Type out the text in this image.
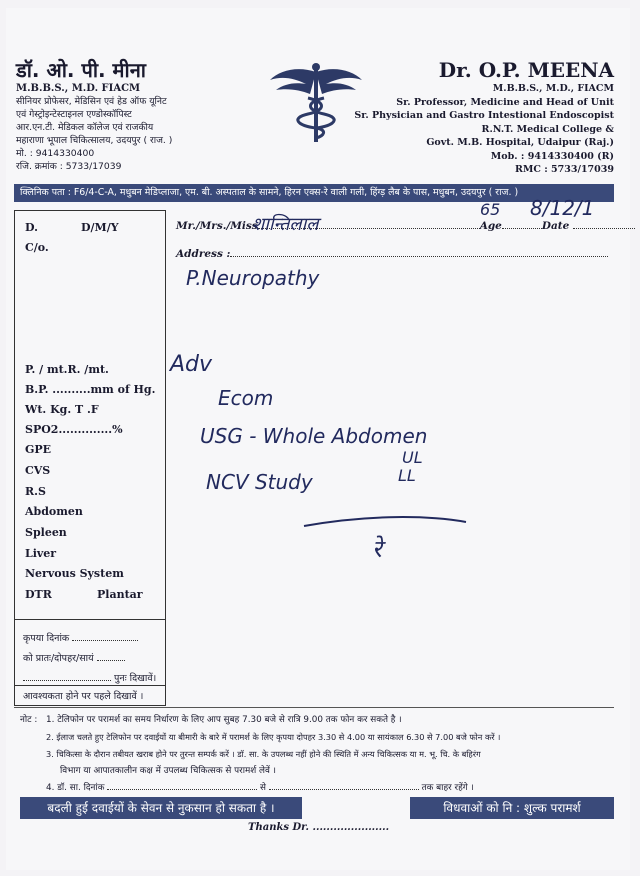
डॉ. ओ. पी. मीना
M.B.B.S., M.D. FIACM
सीनियर प्रोफेसर, मेडिसिन एवं हेड ऑफ यूनिट
एवं गेस्ट्रोइन्टेस्टाइनल एण्डोस्कॉपिस्ट
आर.एन.टी. मेडिकल कॉलेज एवं राजकीय
महाराणा भूपाल चिकित्सालय, उदयपुर ( राज. )
मो. : 9414330400
रजि. क्रमांक : 5733/17039
Dr. O.P. MEENA
M.B.B.S., M.D., FIACM
Sr. Professor, Medicine and Head of Unit
Sr. Physician and Gastro Intestional Endoscopist
R.N.T. Medical College &
Govt. M.B. Hospital, Udaipur (Raj.)
Mob. : 9414330400 (R)
RMC : 5733/17039
क्लिनिक पता : F6/4-C-A, मधुबन मेडिप्लाजा, एम. बी. अस्पताल के सामने, हिरन एक्स-रे वाली गली, हिंग्ड़ लैब के पास, मधुबन, उदयपुर ( राज. )
D.	D/M/Y
C/o.
P. / mt.R. /mt.
B.P. ..........mm of Hg.
Wt. Kg. T .F
SPO2..............%
GPE
CVS
R.S
Abdomen
Spleen
Liver
Nervous System
DTR	Plantar
कृपया दिनांक
को प्रातः/दोपहर/सायं
पुनः दिखावें।
आवश्यकता होने पर पहले दिखावें ।
Mr./Mrs./Miss	Age	Date
Address :
शान्तिलाल
65 8/12/1
P.Neuropathy
Adv
Ecom
USG - Whole Abdomen
NCV Study
UL
LL
रे
नोट : 1. टेलिफोन पर परामर्श का समय निर्धारण के लिए आप सुबह 7.30 बजे से रात्रि 9.00 तक फोन कर सकते है ।
2. ईलाज चलते हुए टेलिफोन पर दवाईयों या बीमारी के बारे में परामर्श के लिए कृपया दोपहर 3.30 से 4.00 या सायंकाल 6.30 से 7.00 बजे फोन करें ।
3. चिकित्सा के दौरान तबीयत खराब होने पर तुरन्त सम्पर्क करें । डॉ. सा. के उपलब्ध नहीं होने की स्थिति में अन्य चिकित्सक या म. भू. चि. के बहिरंग
विभाग या आपातकालीन कक्ष में उपलब्ध चिकित्सक से परामर्श लेवें ।
4. डॉ. सा. दिनांक	से	तक बाहर रहेंगे ।
बदली हुई दवाईयों के सेवन से नुकसान हो सकता है ।	विधवाओं को नि : शुल्क परामर्श
Thanks Dr. ......................
